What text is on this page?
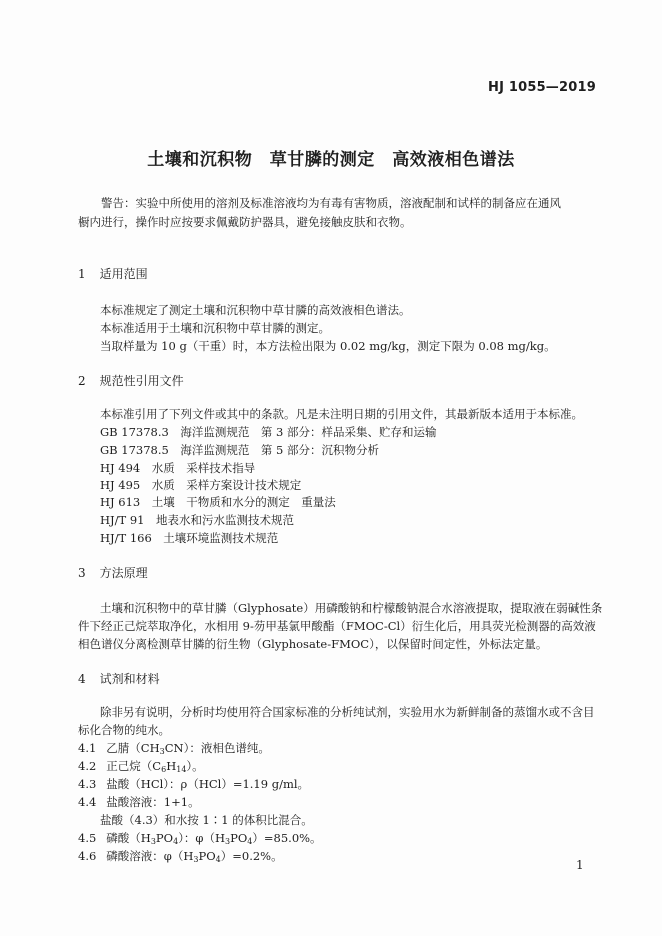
HJ 1055—2019
土壤和沉积物　草甘膦的测定　高效液相色谱法
警告：实验中所使用的溶剂及标准溶液均为有毒有害物质，溶液配制和试样的制备应在通风
橱内进行，操作时应按要求佩戴防护器具，避免接触皮肤和衣物。
1 适用范围
本标准规定了测定土壤和沉积物中草甘膦的高效液相色谱法。
本标准适用于土壤和沉积物中草甘膦的测定。
当取样量为 10 g（干重）时，本方法检出限为 0.02 mg/kg，测定下限为 0.08 mg/kg。
2 规范性引用文件
本标准引用了下列文件或其中的条款。凡是未注明日期的引用文件，其最新版本适用于本标准。
GB 17378.3　海洋监测规范　第 3 部分：样品采集、贮存和运输
GB 17378.5　海洋监测规范　第 5 部分：沉积物分析
HJ 494　水质　采样技术指导
HJ 495　水质　采样方案设计技术规定
HJ 613　土壤　干物质和水分的测定　重量法
HJ/T 91　地表水和污水监测技术规范
HJ/T 166　土壤环境监测技术规范
3 方法原理
土壤和沉积物中的草甘膦（Glyphosate）用磷酸钠和柠檬酸钠混合水溶液提取，提取液在弱碱性条
件下经正己烷萃取净化，水相用 9-芴甲基氯甲酸酯（FMOC-Cl）衍生化后，用具荧光检测器的高效液
相色谱仪分离检测草甘膦的衍生物（Glyphosate-FMOC），以保留时间定性，外标法定量。
4 试剂和材料
除非另有说明，分析时均使用符合国家标准的分析纯试剂，实验用水为新鲜制备的蒸馏水或不含目
标化合物的纯水。
4.1 乙腈$(CH_3CN)$：液相色谱纯。
4.2 正己烷$(C_6H_{14})$。
4.3 盐酸（HCl）：ρ（HCl）=1.19 g/ml。
4.4 盐酸溶液：1+1。
盐酸（4.3）和水按 1∶1 的体积比混合。
4.5 磷酸$(H_3PO_4)$：$\varphi(H_3PO_4)=85.0\%$。
4.6 磷酸溶液：$\varphi(H_3PO_4)=0.2\%$。
1
